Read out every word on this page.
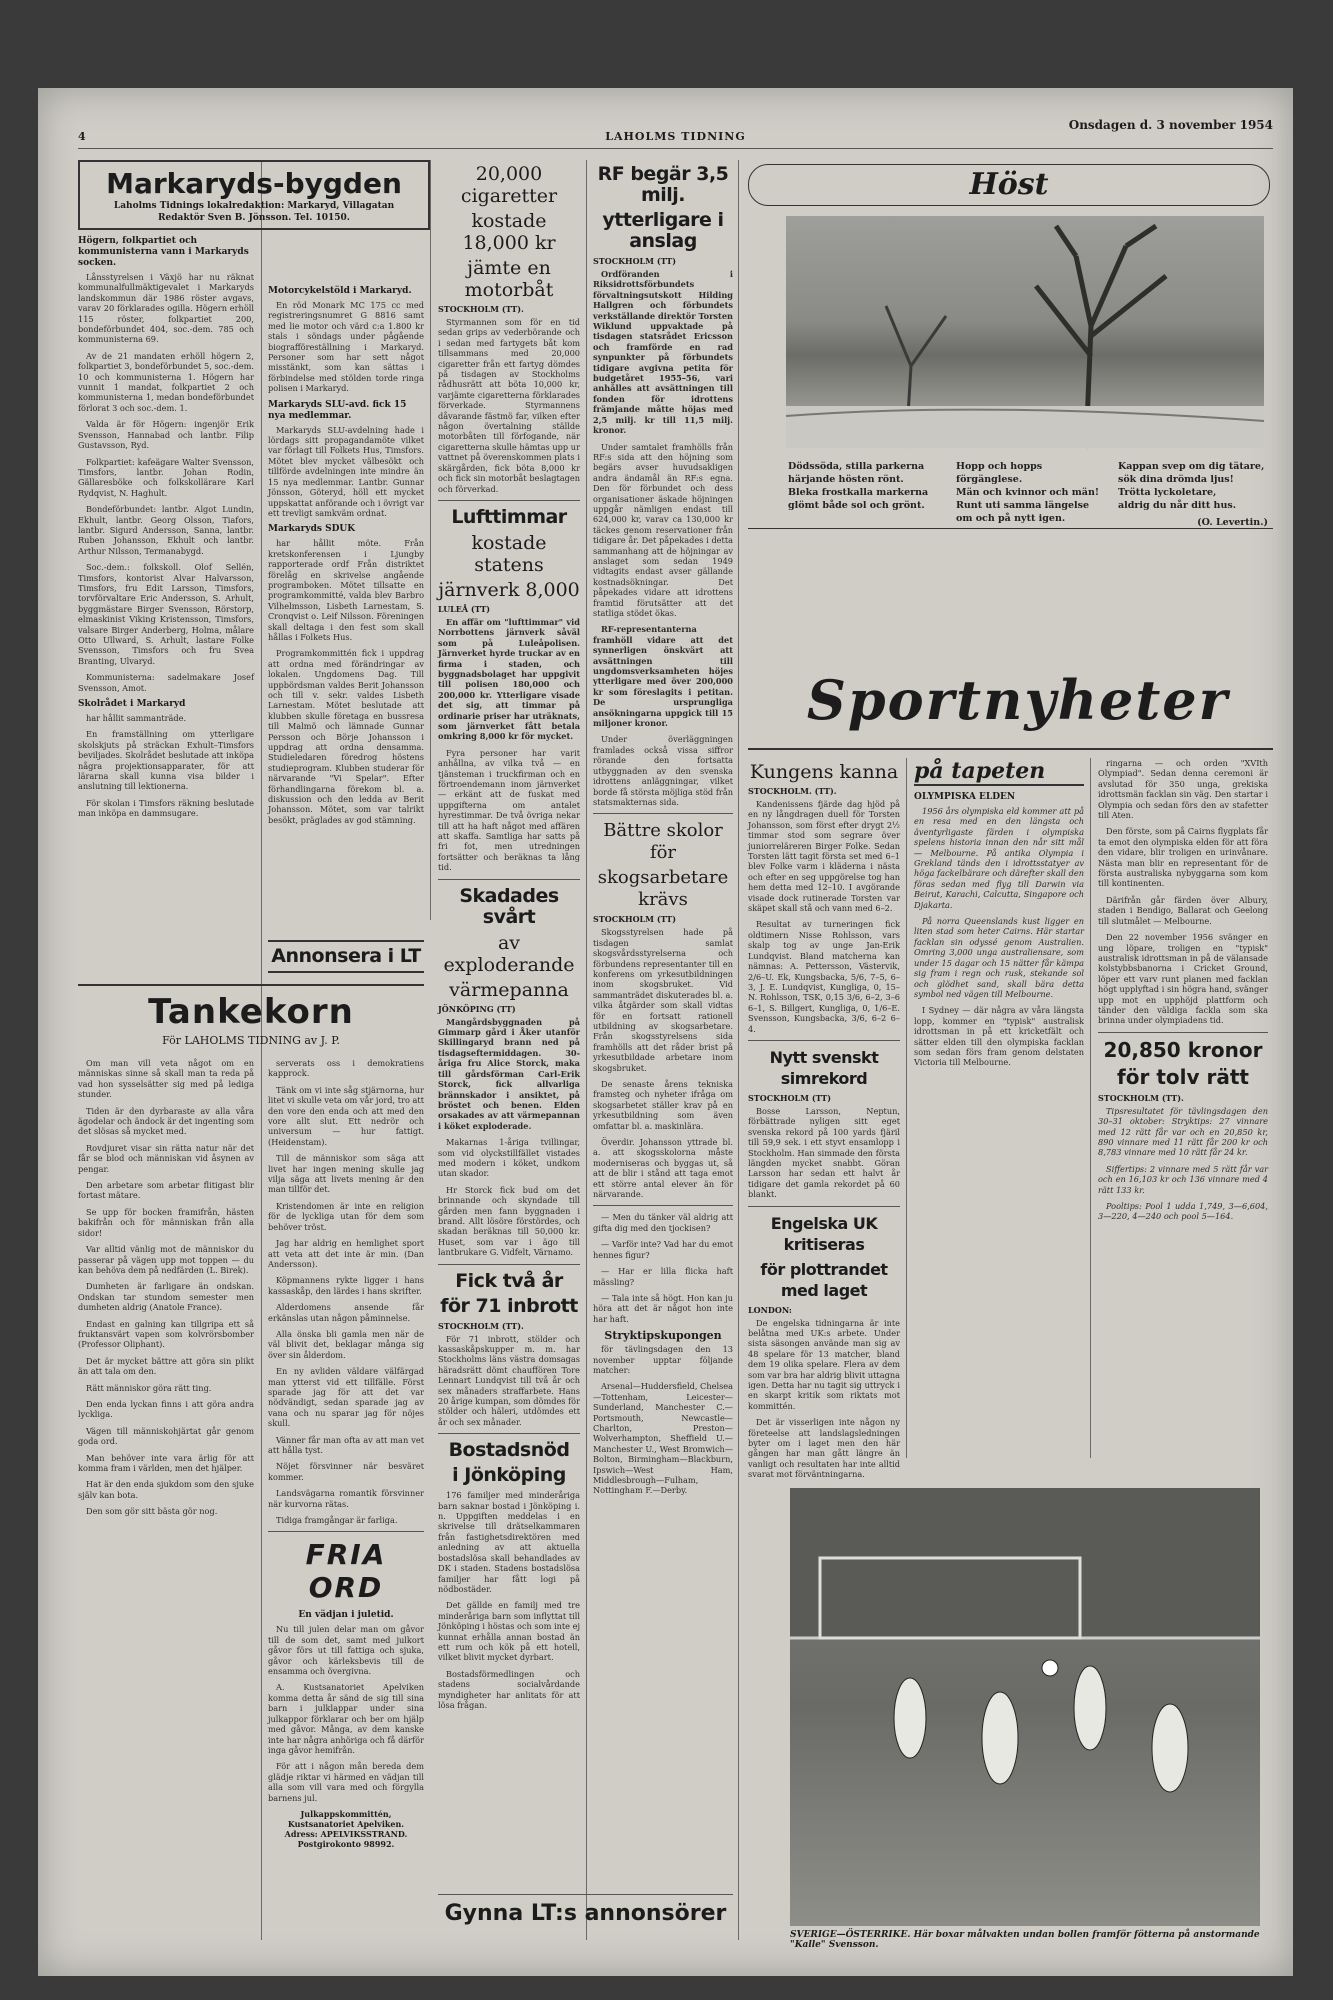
4	LAHOLMS TIDNING
Onsdagen d. 3 november 1954
Markaryds-bygden
Laholms Tidnings lokalredaktion: Markaryd, Villagatan
Redaktör Sven B. Jönsson. Tel. 10150.

Högern, folkpartiet och kommunisterna vann i Markaryds socken.

Lånsstyrelsen i Växjö har nu räknat kommunalfullmäktigevalet i Markaryds landskommun där 1986 röster avgavs, varav 20 förklarades ogilla. Högern erhöll 115 röster, folkpartiet 200, bondeförbundet 404, soc.-dem. 785 och kommunisterna 69.

Av de 21 mandaten erhöll högern 2, folkpartiet 3, bondeförbundet 5, soc.-dem. 10 och kommunisterna 1. Högern har vunnit 1 mandat, folkpartiet 2 och kommunisterna 1, medan bondeförbundet förlorat 3 och soc.-dem. 1.

Valda är för Högern: ingenjör Erik Svensson, Hannabad och lantbr. Filip Gustavsson, Ryd.

Folkpartiet: kafeägare Walter Svensson, Timsfors, lantbr. Johan Rodin, Gällaresböke och folkskollärare Karl Rydqvist, N. Haghult.

Bondeförbundet: lantbr. Algot Lundin, Ekhult, lantbr. Georg Olsson, Tiafors, lantbr. Sigurd Andersson, Sanna, lantbr. Ruben Johansson, Ekhult och lantbr. Arthur Nilsson, Termanabygd.

Soc.-dem.: folkskoll. Olof Sellén, Timsfors, kontorist Alvar Halvarsson, Timsfors, fru Edit Larsson, Timsfors, torvförvaltare Eric Andersson, S. Arhult, byggmästare Birger Svensson, Rörstorp, elmaskinist Viking Kristensson, Timsfors, valsare Birger Anderberg, Holma, målare Otto Ullward, S. Arhult, lastare Folke Svensson, Timsfors och fru Svea Branting, Ulvaryd.

Kommunisterna: sadelmakare Josef Svensson, Amot.

Skolrådet i Markaryd

har hållit sammanträde.

En framställning om ytterligare skolskjuts på sträckan Exhult–Timsfors beviljades. Skolrådet beslutade att inköpa några projektionsapparater, för att lärarna skall kunna visa bilder i anslutning till lektionerna.

För skolan i Timsfors räkning beslutade man inköpa en dammsugare.

Motorcykelstöld i Markaryd.

En röd Monark MC 175 cc med registreringsnumret G 8816 samt med lie motor och värd c:a 1.800 kr stals i söndags under pågående biografföreställning i Markaryd. Personer som har sett något misstänkt, som kan sättas i förbindelse med stölden torde ringa polisen i Markaryd.

Markaryds SLU-avd. fick 15 nya medlemmar.

Markaryds SLU-avdelning hade i lördags sitt propagandamöte vilket var förlagt till Folkets Hus, Timsfors. Mötet blev mycket välbesökt och tillförde avdelningen inte mindre än 15 nya medlemmar. Lantbr. Gunnar Jönsson, Göteryd, höll ett mycket uppskattat anförande och i övrigt var ett trevligt samkväm ordnat.

Markaryds SDUK

har hållit möte. Från kretskonferensen i Ljungby rapporterade ordf Från distriktet förelåg en skrivelse angående programboken. Mötet tillsatte en programkommitté, valda blev Barbro Vilhelmsson, Lisbeth Larnestam, S. Cronqvist o. Leif Nilsson. Föreningen skall deltaga i den fest som skall hållas i Folkets Hus.

Programkommittén fick i uppdrag att ordna med förändringar av lokalen. Ungdomens Dag. Till uppbördsman valdes Berit Johansson och till v. sekr. valdes Lisbeth Larnestam. Mötet beslutade att klubben skulle företaga en bussresa till Malmö och lämnade Gunnar Persson och Börje Johansson i uppdrag att ordna densamma. Studieledaren föredrog höstens studieprogram. Klubben studerar för närvarande "Vi Spelar". Efter förhandlingarna förekom bl. a. diskussion och den ledda av Berit Johansson. Mötet, som var talrikt besökt, präglades av god stämning.

Annonsera i LT
Tankekorn
För LAHOLMS TIDNING av J. P.

Om man vill veta något om en människas sinne så skall man ta reda på vad hon sysselsätter sig med på lediga stunder.

Tiden är den dyrbaraste av alla våra ägodelar och ändock är det ingenting som det slösas så mycket med.

Rovdjuret visar sin rätta natur när det får se blod och människan vid åsynen av pengar.

Den arbetare som arbetar flitigast blir fortast mätare.

Se upp för bocken framifrån, hästen bakifrån och för människan från alla sidor!

Var alltid vänlig mot de människor du passerar på vägen upp mot toppen — du kan behöva dem på nedfärden (L. Birek).

Dumheten är farligare än ondskan. Ondskan tar stundom semester men dumheten aldrig (Anatole France).

Endast en galning kan tillgripa ett så fruktansvärt vapen som kolvrörsbomber (Professor Oliphant).

Det är mycket bättre att göra sin plikt än att tala om den.

Rätt människor göra rätt ting.

Den enda lyckan finns i att göra andra lyckliga.

Vägen till människohjärtat går genom goda ord.

Man behöver inte vara ärlig för att komma fram i världen, men det hjälper.

Hat är den enda sjukdom som den sjuke själv kan bota.

Den som gör sitt bästa gör nog.

serverats oss i demokratiens kapprock.

Tänk om vi inte såg stjärnorna, hur litet vi skulle veta om vår jord, tro att den vore den enda och att med den vore allt slut. Ett nedrör och universum — hur fattigt. (Heidenstam).

Till de människor som säga att livet har ingen mening skulle jag vilja säga att livets mening är den man tillför det.

Kristendomen är inte en religion för de lyckliga utan för dem som behöver tröst.

Jag har aldrig en hemlighet sport att veta att det inte är min. (Dan Andersson).

Köpmannens rykte ligger i hans kassaskåp, den lärdes i hans skrifter.

Alderdomens ansende får erkänslas utan någon påminnelse.

Alla önska bli gamla men när de väl blivit det, beklagar många sig över sin ålderdom.

En ny avliden väldare välfärgad man ytterst vid ett tillfälle. Först sparade jag för att det var nödvändigt, sedan sparade jag av vana och nu sparar jag för nöjes skull.

Vänner får man ofta av att man vet att hålla tyst.

Nöjet försvinner när besväret kommer.

Landsvägarna romantik försvinner när kurvorna rätas.

Tidiga framgångar är farliga.

FRIA ORD

En vädjan i juletid.

Nu till julen delar man om gåvor till de som det, samt med julkort gåvor förs ut till fattiga och sjuka, gåvor och kärleksbevis till de ensamma och övergivna.

A. Kustsanatoriet Apelviken komma detta år sänd de sig till sina barn i julklappar under sina julkappor förklarar och ber om hjälp med gåvor. Många, av dem kanske inte har några anhöriga och få därför inga gåvor hemifrån.

För att i någon mån bereda dem glädje riktar vi härmed en vädjan till alla som vill vara med och förgylla barnens jul.

Julkappskommittén,

Kustsanatoriet Apelviken.

Adress: APELVIKSSTRAND.

Postgirokonto 98992.

20,000 cigaretter
kostade 18,000 kr
jämte en motorbåt

STOCKHOLM (TT).

Styrmannen som för en tid sedan grips av vederbörande och i sedan med fartygets båt kom tillsammans med 20,000 cigaretter från ett fartyg dömdes på tisdagen av Stockholms rådhusrätt att böta 10,000 kr, varjämte cigaretterna förklarades förverkade. Styrmannens dåvarande fästmö far, vilken efter någon övertalning ställde motorbåten till förfogande, när cigaretterna skulle hämtas upp ur vattnet på överenskommen plats i skärgården, fick böta 8,000 kr och fick sin motorbåt beslagtagen och förverkad.

Lufttimmar
kostade statens
järnverk 8,000

LULEÅ (TT)

En affär om "lufttimmar" vid Norrbottens järnverk såväl som på Luleåpolisen. Järnverket hyrde truckar av en firma i staden, och byggnadsbolaget har uppgivit till polisen 180,000 och 200,000 kr. Ytterligare visade det sig, att timmar på ordinarie priser har uträknats, som järnverket fått betala omkring 8,000 kr för mycket.

Fyra personer har varit anhållna, av vilka två — en tjänsteman i truckfirman och en förtroendemann inom järnverket — erkänt att de fuskat med uppgifterna om antalet hyrestimmar. De två övriga nekar till att ha haft något med affären att skaffa. Samtliga har satts på fri fot, men utredningen fortsätter och beräknas ta lång tid.

Skadades svårt
av exploderande
värmepanna

JÖNKÖPING (TT)

Mangårdsbyggnaden på Gimmarp gård i Åker utanför Skillingaryd brann ned på tisdagseftermiddagen. 30-åriga fru Alice Storck, maka till gårdsförman Carl-Erik Storck, fick allvarliga brännskador i ansiktet, på bröstet och benen. Elden orsakades av att värmepannan i köket exploderade.

Makarnas 1-åriga tvillingar, som vid olyckstillfället vistades med modern i köket, undkom utan skador.

Hr Storck fick bud om det brinnande och skyndade till gården men fann byggnaden i brand. Allt lösöre förstördes, och skadan beräknas till 50,000 kr. Huset, som var i ägo till lantbrukare G. Vidfelt, Värnamo.

Fick två år
för 71 inbrott

STOCKHOLM (TT).

För 71 inbrott, stölder och kassaskåpskupper m. m. har Stockholms läns västra domsagas häradsrätt dömt chauffören Tore Lennart Lundqvist till två år och sex månaders straffarbete. Hans 20 årige kumpan, som dömdes för stölder och häleri, utdömdes ett år och sex månader.

Bostadsnöd
i Jönköping

176 familjer med minderåriga barn saknar bostad i Jönköping i. n. Uppgiften meddelas i en skrivelse till drätselkammaren från fastighetsdirektören med anledning av att aktuella bostadslösa skall behandlades av DK i staden. Stadens bostadslösa familjer har fått logi på nödbostäder.

Det gällde en familj med tre minderåriga barn som inflyttat till Jönköping i höstas och som inte ej kunnat erhålla annan bostad än ett rum och kök på ett hotell, vilket blivit mycket dyrbart.

Bostadsförmedlingen och stadens socialvårdande myndigheter har anlitats för att lösa frågan.

RF begär 3,5 milj.
ytterligare i anslag

STOCKHOLM (TT)

Ordföranden i Riksidrottsförbundets förvaltningsutskott Hilding Hallgren och förbundets verkställande direktör Torsten Wiklund uppvaktade på tisdagen statsrådet Ericsson och framförde en rad synpunkter på förbundets tidigare avgivna petita för budgetåret 1955–56, vari anhålles att avsättningen till fonden för idrottens främjande måtte höjas med 2,5 milj. kr till 11,5 milj. kronor.

Under samtalet framhölls från RF:s sida att den höjning som begärs avser huvudsakligen andra ändamål än RF:s egna. Den för förbundet och dess organisationer äskade höjningen uppgår nämligen endast till 624,000 kr, varav ca 130,000 kr täckes genom reservationer från tidigare år. Det påpekades i detta sammanhang att de höjningar av anslaget som sedan 1949 vidtagits endast avser gällande kostnadsökningar. Det påpekades vidare att idrottens framtid förutsätter att det statliga stödet ökas.

RF-representanterna framhöll vidare att det synnerligen önskvärt att avsättningen till ungdomsverksamheten höjes ytterligare med över 200,000 kr som föreslagits i petitan. De ursprungliga ansökningarna uppgick till 15 miljoner kronor.

Under överläggningen framlades också vissa siffror rörande den fortsatta utbyggnaden av den svenska idrottens anläggningar, vilket borde få största möjliga stöd från statsmakternas sida.

Bättre skolor för
skogsarbetare krävs

STOCKHOLM (TT)

Skogsstyrelsen hade på tisdagen samlat skogsvårdsstyrelserna och förbundens representanter till en konferens om yrkesutbildningen inom skogsbruket. Vid sammanträdet diskuterades bl. a. vilka åtgärder som skall vidtas för en fortsatt rationell utbildning av skogsarbetare. Från skogsstyrelsens sida framhölls att det råder brist på yrkesutbildade arbetare inom skogsbruket.

De senaste årens tekniska framsteg och nyheter ifråga om skogsarbetet ställer krav på en yrkesutbildning som även omfattar bl. a. maskinlära.

Överdir. Johansson yttrade bl. a. att skogsskolorna måste moderniseras och byggas ut, så att de blir i stånd att taga emot ett större antal elever än för närvarande.

— Men du tänker väl aldrig att gifta dig med den tjockisen?

— Varför inte? Vad har du emot hennes figur?

— Har er lilla flicka haft mässling?

— Tala inte så högt. Hon kan ju höra att det är något hon inte har haft.

Stryktipskupongen

för tävlingsdagen den 13 november upptar följande matcher:

Arsenal—Huddersfield, Chelsea—Tottenham, Leicester—Sunderland, Manchester C.—Portsmouth, Newcastle—Charlton, Preston—Wolverhampton, Sheffield U.—Manchester U., West Bromwich—Bolton, Birmingham—Blackburn, Ipswich—West Ham, Middlesbrough—Fulham, Nottingham F.—Derby.

Gynna LT:s annonsörer
Höst

Dödssöda, stilla parkerna

härjande hösten rönt.

Bleka frostkalla markerna

glömt både sol och grönt.

Hopp och hopps förgänglese.

Män och kvinnor och män!

Runt uti samma längelse

om och på nytt igen.

Kappan svep om dig tätare,

sök dina drömda ljus!

Trötta lyckoletare,

aldrig du når ditt hus.

(O. Levertin.)

Sportnyheter
Kungens kanna

STOCKHOLM. (TT).

Kandenissens fjärde dag hjöd på en ny långdragen duell för Torsten Johansson, som först efter drygt 2½ timmar stod som segrare över juniorreläreren Birger Folke. Sedan Torsten lätt tagit första set med 6–1 blev Folke varm i kläderna i nästa och efter en seg uppgörelse tog han hem detta med 12–10. I avgörande visade dock rutinerade Torsten var skäpet skall stå och vann med 6–2.

Resultat av turneringen fick oldtimern Nisse Rohlsson, vars skalp tog av unge Jan-Erik Lundqvist. Bland matcherna kan nämnas: A. Pettersson, Västervik, 2/6–U. Ek, Kungsbacka, 5/6, 7–5, 6–3, J. E. Lundqvist, Kungliga, 0, 15–N. Rohlsson, TSK, 0,15 3/6, 6–2, 3–6 6–1, S. Billgert, Kungliga, 0, 1/6–E. Svensson, Kungsbacka, 3/6, 6–2 6–4.

Nytt svenskt simrekord

STOCKHOLM (TT)

Bosse Larsson, Neptun, förbättrade nyligen sitt eget svenska rekord på 100 yards fjäril till 59,9 sek. i ett styvt ensamlopp i Stockholm. Han simmade den första längden mycket snabbt. Göran Larsson har sedan ett halvt år tidigare det gamla rekordet på 60 blankt.

Engelska UK kritiseras
för plottrandet med laget

LONDON:

De engelska tidningarna är inte belåtna med UK:s arbete. Under sista säsongen använde man sig av 48 spelare för 13 matcher, bland dem 19 olika spelare. Flera av dem som var bra har aldrig blivit uttagna igen. Detta har nu tagit sig uttryck i en skarpt kritik som riktats mot kommittén.

Det är visserligen inte någon ny företeelse att landslagsledningen byter om i laget men den här gången har man gått längre än vanligt och resultaten har inte alltid svarat mot förväntningarna.

på tapeten

OLYMPISKA ELDEN

1956 års olympiska eld kommer att på en resa med en den längsta och äventyrligaste färden i olympiska spelens historia innan den når sitt mål — Melbourne. På antika Olympia i Grekland tänds den i idrottsstatyer av höga fackelbärare och därefter skall den föras sedan med flyg till Darwin via Beirut, Karachi, Calcutta, Singapore och Djakarta.

På norra Queenslands kust ligger en liten stad som heter Cairns. Här startar facklan sin odyssé genom Australien. Omring 3,000 unga australiensare, som under 15 dagar och 15 nätter får kämpa sig fram i regn och rusk, stekande sol och glödhet sand, skall bära detta symbol ned vägen till Melbourne.

I Sydney — där några av våra längsta lopp, kommer en "typisk" australisk idrottsman in på ett kricketfält och sätter elden till den olympiska facklan som sedan förs fram genom delstaten Victoria till Melbourne.

ringarna — och orden "XVIth Olympiad". Sedan denna ceremoni är avslutad för 350 unga, grekiska idrottsmän facklan sin väg. Den startar i Olympia och sedan förs den av stafetter till Aten.

Den förste, som på Cairns flygplats får ta emot den olympiska elden för att föra den vidare, blir troligen en urinvånare. Nästa man blir en representant för de första australiska nybyggarna som kom till kontinenten.

Därifrån går färden över Albury, staden i Bendigo, Ballarat och Geelong till slutmålet — Melbourne.

Den 22 november 1956 svänger en ung löpare, troligen en "typisk" australisk idrottsman in på de välansade kolstybbsbanorna i Cricket Ground, löper ett varv runt planen med facklan högt upplyftad i sin högra hand, svänger upp mot en upphöjd plattform och tänder den väldiga fackla som ska brinna under olympiadens tid.

20,850 kronor
för tolv rätt

STOCKHOLM (TT).

Tipsresultatet för tävlingsdagen den 30–31 oktober: Stryktips: 27 vinnare med 12 rätt får var och en 20,850 kr, 890 vinnare med 11 rätt får 200 kr och 8,783 vinnare med 10 rätt får 24 kr.

Siffertips: 2 vinnare med 5 rätt får var och en 16,103 kr och 136 vinnare med 4 rätt 133 kr.

Pooltips: Pool 1 udda 1,749, 3—6,604, 3—220, 4—240 och pool 5—164.

SVERIGE—ÖSTERRIKE. Här boxar målvakten undan bollen framför fötterna på anstormande "Kalle" Svensson.
